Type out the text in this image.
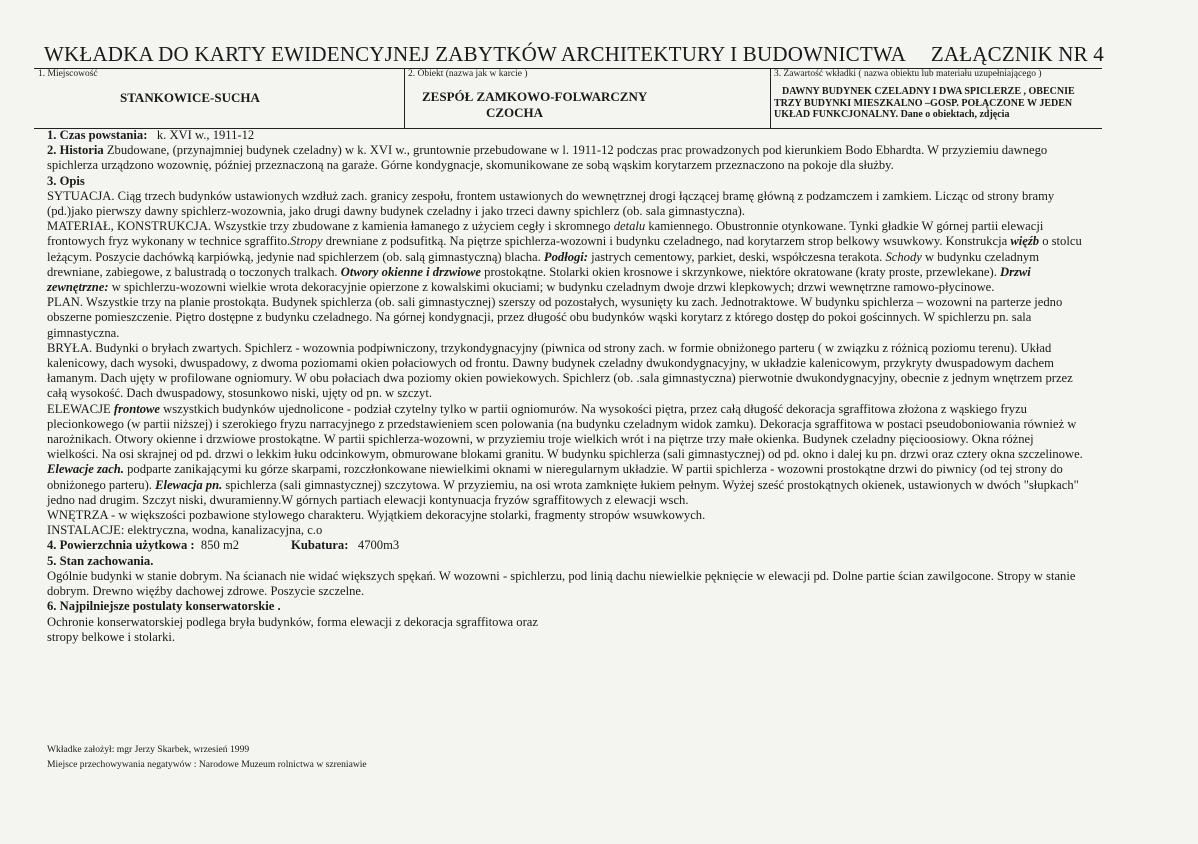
WKŁADKA DO KARTY EWIDENCYJNEJ ZABYTKÓW ARCHITEKTURY I BUDOWNICTWA ZAŁĄCZNIK NR 4
1. Miejscowość
STANKOWICE-SUCHA
2. Obiekt (nazwa jak w karcie )
ZESPÓŁ ZAMKOWO-FOLWARCZNY
CZOCHA
3. Zawartość wkładki ( nazwa obiektu lub materiału uzupełniającego )
DAWNY BUDYNEK CZELADNY I DWA SPICLERZE , OBECNIE
TRZY BUDYNKI MIESZKALNO –GOSP. POŁĄCZONE W JEDEN
UKŁAD FUNKCJONALNY. Dane o obiektach, zdjęcia

1. Czas powstania: k. XVI w., 1911-12

2. Historia Zbudowane, (przynajmniej budynek czeladny) w k. XVI w., gruntownie przebudowane w l. 1911-12 podczas prac prowadzonych pod kierunkiem Bodo Ebhardta. W przyziemiu dawnego spichlerza urządzono wozownię, później przeznaczoną na garaże. Górne kondygnacje, skomunikowane ze sobą wąskim korytarzem przeznaczono na pokoje dla służby.

3. Opis

SYTUACJA. Ciąg trzech budynków ustawionych wzdłuż zach. granicy zespołu, frontem ustawionych do wewnętrznej drogi łączącej bramę główną z podzamczem i zamkiem. Licząc od strony bramy (pd.)jako pierwszy dawny spichlerz-wozownia, jako drugi dawny budynek czeladny i jako trzeci dawny spichlerz (ob. sala gimnastyczna).

MATERIAŁ, KONSTRUKCJA. Wszystkie trzy zbudowane z kamienia łamanego z użyciem cegły i skromnego detalu kamiennego. Obustronnie otynkowane. Tynki gładkie W górnej partii elewacji frontowych fryz wykonany w technice sgraffito.Stropy drewniane z podsufitką. Na piętrze spichlerza-wozowni i budynku czeladnego, nad korytarzem strop belkowy wsuwkowy. Konstrukcja więźb o stolcu leżącym. Poszycie dachówką karpiówką, jedynie nad spichlerzem (ob. salą gimnastyczną) blacha. Podłogi: jastrych cementowy, parkiet, deski, współczesna terakota. Schody w budynku czeladnym drewniane, zabiegowe, z balustradą o toczonych tralkach. Otwory okienne i drzwiowe prostokątne. Stolarki okien krosnowe i skrzynkowe, niektóre okratowane (kraty proste, przewlekane). Drzwi zewnętrzne: w spichlerzu-wozowni wielkie wrota dekoracyjnie opierzone z kowalskimi okuciami; w budynku czeladnym dwoje drzwi klepkowych; drzwi wewnętrzne ramowo-płycinowe.

PLAN. Wszystkie trzy na planie prostokąta. Budynek spichlerza (ob. sali gimnastycznej) szerszy od pozostałych, wysunięty ku zach. Jednotraktowe. W budynku spichlerza – wozowni na parterze jedno obszerne pomieszczenie. Piętro dostępne z budynku czeladnego. Na górnej kondygnacji, przez długość obu budynków wąski korytarz z którego dostęp do pokoi gościnnych. W spichlerzu pn. sala gimnastyczna.

BRYŁA. Budynki o bryłach zwartych. Spichlerz - wozownia podpiwniczony, trzykondygnacyjny (piwnica od strony zach. w formie obniżonego parteru ( w związku z różnicą poziomu terenu). Układ kalenicowy, dach wysoki, dwuspadowy, z dwoma poziomami okien połaciowych od frontu. Dawny budynek czeladny dwukondygnacyjny, w układzie kalenicowym, przykryty dwuspadowym dachem łamanym. Dach ujęty w profilowane ogniomury. W obu połaciach dwa poziomy okien powiekowych. Spichlerz (ob. .sala gimnastyczna) pierwotnie dwukondygnacyjny, obecnie z jednym wnętrzem przez całą wysokość. Dach dwuspadowy, stosunkowo niski, ujęty od pn. w szczyt.

ELEWACJE frontowe wszystkich budynków ujednolicone - podział czytelny tylko w partii ogniomurów. Na wysokości piętra, przez całą długość dekoracja sgraffitowa złożona z wąskiego fryzu plecionkowego (w partii niższej) i szerokiego fryzu narracyjnego z przedstawieniem scen polowania (na budynku czeladnym widok zamku). Dekoracja sgraffitowa w postaci pseudoboniowania również w narożnikach. Otwory okienne i drzwiowe prostokątne. W partii spichlerza-wozowni, w przyziemiu troje wielkich wrót i na piętrze trzy małe okienka. Budynek czeladny pięcioosiowy. Okna różnej wielkości. Na osi skrajnej od pd. drzwi o lekkim łuku odcinkowym, obmurowane blokami granitu. W budynku spichlerza (sali gimnastycznej) od pd. okno i dalej ku pn. drzwi oraz cztery okna szczelinowe. Elewacje zach. podparte zanikającymi ku górze skarpami, rozczłonkowane niewielkimi oknami w nieregularnym układzie. W partii spichlerza - wozowni prostokątne drzwi do piwnicy (od tej strony do obniżonego parteru). Elewacja pn. spichlerza (sali gimnastycznej) szczytowa. W przyziemiu, na osi wrota zamknięte łukiem pełnym. Wyżej sześć prostokątnych okienek, ustawionych w dwóch "słupkach" jedno nad drugim. Szczyt niski, dwuramienny.W górnych partiach elewacji kontynuacja fryzów sgraffitowych z elewacji wsch.

WNĘTRZA - w większości pozbawione stylowego charakteru. Wyjątkiem dekoracyjne stolarki, fragmenty stropów wsuwkowych.

INSTALACJE: elektryczna, wodna, kanalizacyjna, c.o

4. Powierzchnia użytkowa : 850 m2	Kubatura: 4700m3

5. Stan zachowania.

Ogólnie budynki w stanie dobrym. Na ścianach nie widać większych spękań. W wozowni - spichlerzu, pod linią dachu niewielkie pęknięcie w elewacji pd. Dolne partie ścian zawilgocone. Stropy w stanie dobrym. Drewno więźby dachowej zdrowe. Poszycie szczelne.

6. Najpilniejsze postulaty konserwatorskie .

Ochronie konserwatorskiej podlega bryła budynków, forma elewacji z dekoracja sgraffitowa oraz

stropy belkowe i stolarki.

Wkładke założył: mgr Jerzy Skarbek, wrzesień 1999
Miejsce przechowywania negatywów : Narodowe Muzeum rolnictwa w szreniawie
